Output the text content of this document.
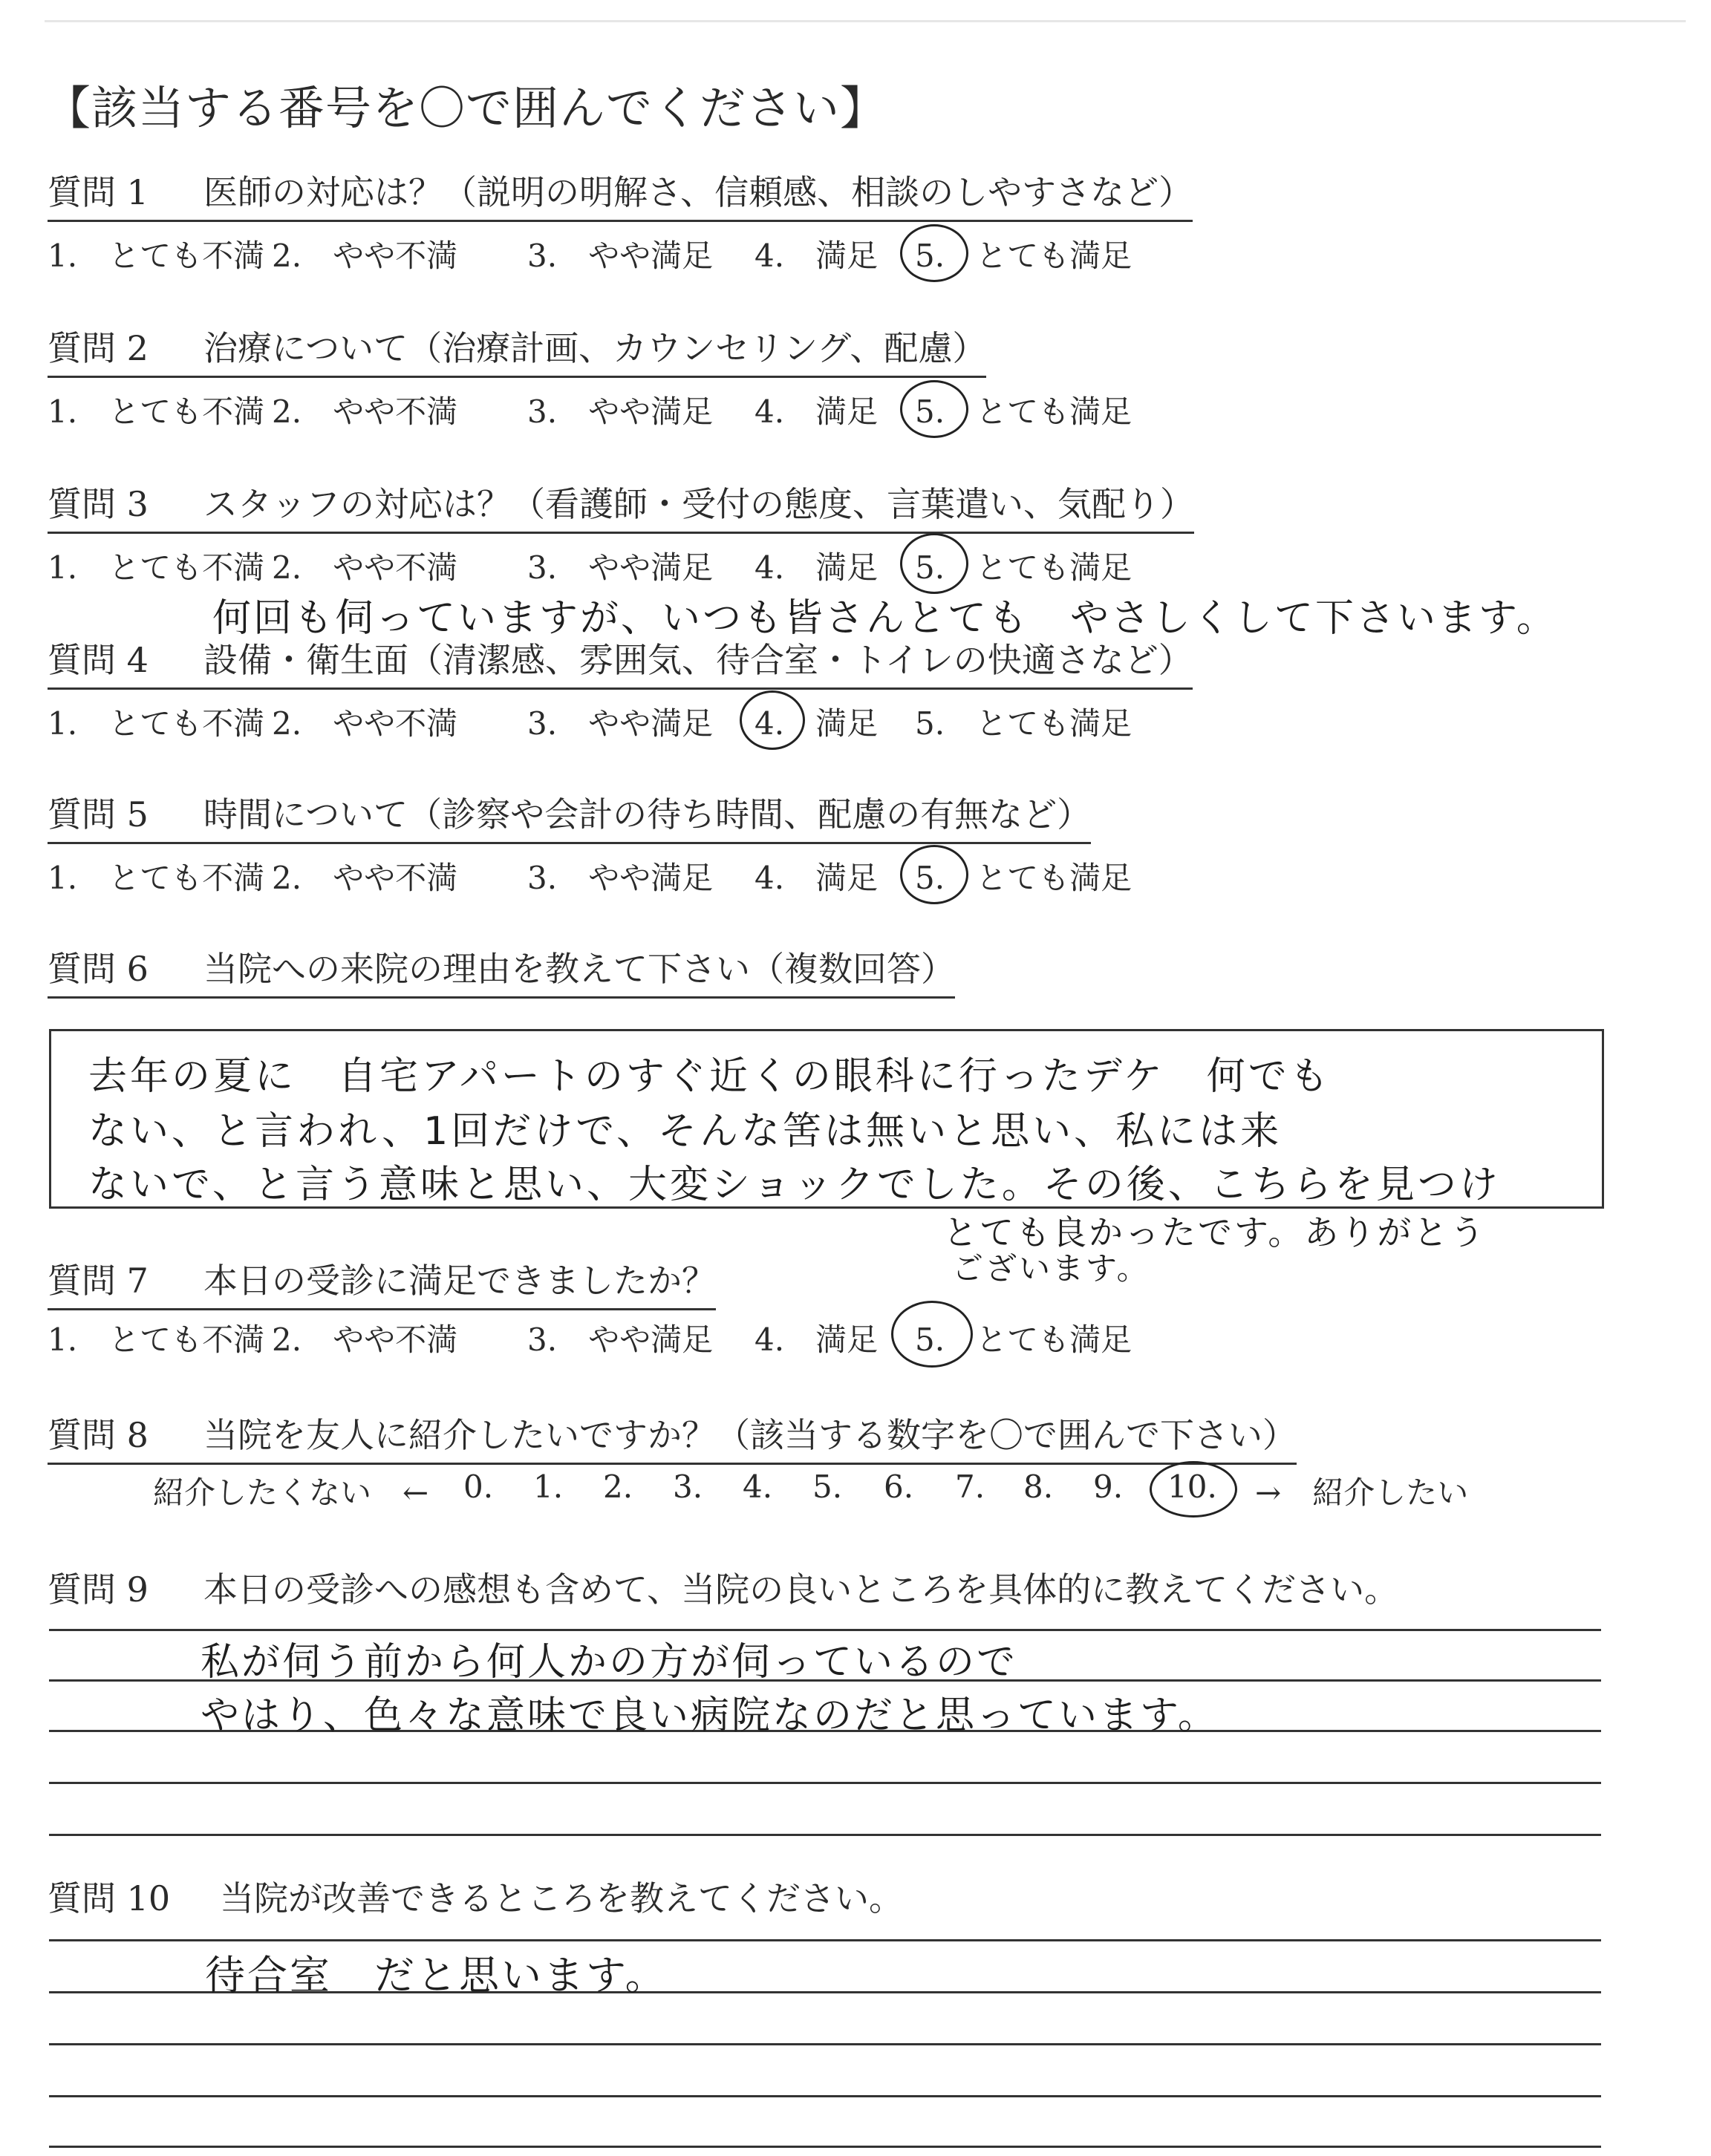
【該当する番号を〇で囲んでください】
質問 1 医師の対応は？（説明の明解さ、信頼感、相談のしやすさなど）
1.　とても不満 2.　やや不満 3.　やや満足 4.　満足 5.　とても満足
質問 2 治療について（治療計画、カウンセリング、配慮）
1.　とても不満 2.　やや不満 3.　やや満足 4.　満足 5.　とても満足
質問 3 スタッフの対応は？（看護師・受付の態度、言葉遣い、気配り）
1.　とても不満 2.　やや不満 3.　やや満足 4.　満足 5.　とても満足
何回も伺っていますが、いつも皆さんとても　やさしくして下さいます。
質問 4 設備・衛生面（清潔感、雰囲気、待合室・トイレの快適さなど）
1.　とても不満 2.　やや不満 3.　やや満足 4.　満足 5.　とても満足
質問 5 時間について（診察や会計の待ち時間、配慮の有無など）
1.　とても不満 2.　やや不満 3.　やや満足 4.　満足 5.　とても満足
質問 6 当院への来院の理由を教えて下さい（複数回答）
去年の夏に　自宅アパートのすぐ近くの眼科に行ったデケ　何でも
ない、と言われ、1回だけで、そんな筈は無いと思い、私には来
ないで、と言う意味と思い、大変ショックでした。その後、こちらを見つけ
とても良かったです。ありがとう
ございます。
質問 7 本日の受診に満足できましたか？
1.　とても不満 2.　やや不満 3.　やや満足 4.　満足 5.　とても満足
質問 8 当院を友人に紹介したいですか？（該当する数字を〇で囲んで下さい）
紹介したくない　← 0. 1. 2. 3. 4. 5. 6. 7. 8. 9. 10. →　紹介したい
質問 9 本日の受診への感想も含めて、当院の良いところを具体的に教えてください。
私が伺う前から何人かの方が伺っているので
やはり、色々な意味で良い病院なのだと思っています。
質問 10 当院が改善できるところを教えてください。
待合室　だと思います。
